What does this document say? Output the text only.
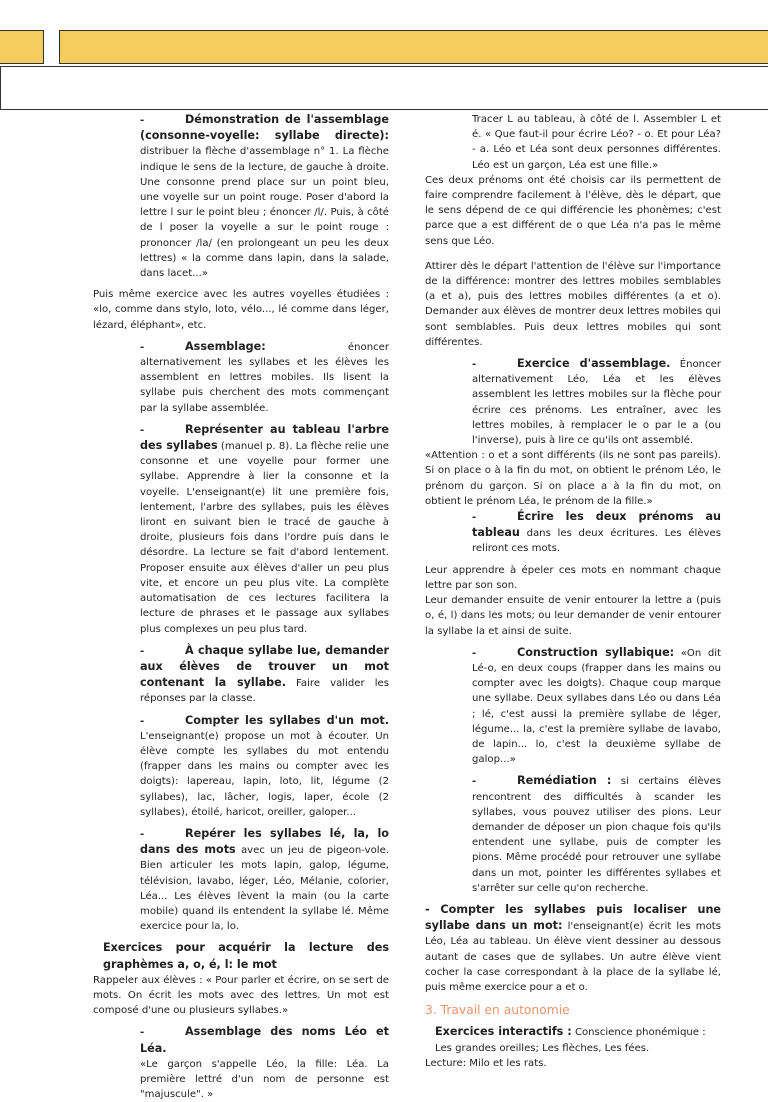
-	Démonstration de l'assemblage (consonne-voyelle: syllabe directe): distribuer la flèche d'assemblage n° 1. La flèche indique le sens de la lecture, de gauche à droite. Une consonne prend place sur un point bleu, une voyelle sur un point rouge. Poser d'abord la lettre l sur le point bleu ; énoncer /l/. Puis, à côté de l poser la voyelle a sur le point rouge : prononcer /la/ (en prolongeant un peu les deux lettres) « la comme dans lapin, dans la salade, dans lacet...»

Puis même exercice avec les autres voyelles étudiées : «lo, comme dans stylo, loto, vélo..., lé comme dans léger, lézard, éléphant», etc.

-	Assemblage:	énoncer alternativement les syllabes et les élèves les assemblent en lettres mobiles. Ils lisent la syllabe puis cherchent des mots commençant par la syllabe assemblée.

-	Représenter au tableau l'arbre des syllabes (manuel p. 8). La flèche relie une consonne et une voyelle pour former une syllabe. Apprendre à lier la consonne et la voyelle. L'enseignant(e) lit une première fois, lentement, l'arbre des syllabes, puis les élèves liront en suivant bien le tracé de gauche à droite, plusieurs fois dans l'ordre puis dans le désordre. La lecture se fait d'abord lentement. Proposer ensuite aux élèves d'aller un peu plus vite, et encore un peu plus vite. La complète automatisation de ces lectures facilitera la lecture de phrases et le passage aux syllabes plus complexes un peu plus tard.

-	À chaque syllabe lue, demander aux élèves de trouver un mot contenant la syllabe. Faire valider les réponses par la classe.

-	Compter les syllabes d'un mot. L'enseignant(e) propose un mot à écouter. Un élève compte les syllabes du mot entendu (frapper dans les mains ou compter avec les doigts): lapereau, lapin, loto, lit, légume (2 syllabes), lac, lâcher, logis, laper, école (2 syllabes), étoilé, haricot, oreiller, galoper...

-	Repérer les syllabes lé, la, lo dans des mots avec un jeu de pigeon-vole. Bien articuler les mots lapin, galop, légume, télévision, lavabo, léger, Léo, Mélanie, colorier, Léa... Les élèves lèvent la main (ou la carte mobile) quand ils entendent la syllabe lé. Même exercice pour la, lo.

Exercices pour acquérir la lecture des graphèmes a, o, é, l: le mot

Rappeler aux élèves : « Pour parler et écrire, on se sert de mots. On écrit les mots avec des lettres. Un mot est composé d'une ou plusieurs syllabes.»

-	Assemblage des noms Léo et Léa.

«Le garçon s'appelle Léo, la fille: Léa. La première lettré d'un nom de personne est "majuscule". »

Tracer L au tableau, à côté de l. Assembler L et é. « Que faut-il pour écrire Léo? - o. Et pour Léa? - a. Léo et Léa sont deux personnes différentes. Léo est un garçon, Léa est une fille.»

Ces deux prénoms ont été choisis car ils permettent de faire comprendre facilement à l'élève, dès le départ, que le sens dépend de ce qui différencie les phonèmes; c'est parce que a est différent de o que Léa n'a pas le même sens que Léo.

Attirer dès le départ l'attention de l'élève sur l'importance de la différence: montrer des lettres mobiles semblables (a et a), puis des lettres mobiles différentes (a et o). Demander aux élèves de montrer deux lettres mobiles qui sont semblables. Puis deux lettres mobiles qui sont différentes.

-	Exercice d'assemblage. Énoncer alternativement Léo, Léa et les élèves assemblent les lettres mobiles sur la flèche pour écrire ces prénoms. Les entraîner, avec les lettres mobiles, à remplacer le o par le a (ou l'inverse), puis à lire ce qu'ils ont assemblé.

«Attention : o et a sont différents (ils ne sont pas pareils). Si on place o à la fin du mot, on obtient le prénom Léo, le prénom du garçon. Si on place a à la fin du mot, on obtient le prénom Léa, le prénom de la fille.»

-	Écrire les deux prénoms au tableau dans les deux écritures. Les élèves reliront ces mots.

Leur apprendre à épeler ces mots en nommant chaque lettre par son son.

Leur demander ensuite de venir entourer la lettre a (puis o, é, l) dans les mots; ou leur demander de venir entourer la syllabe la et ainsi de suite.

-	Construction syllabique: «On dit Lé-o, en deux coups (frapper dans les mains ou compter avec les doigts). Chaque coup marque une syllabe. Deux syllabes dans Léo ou dans Léa ; lé, c'est aussi la première syllabe de léger, légume... la, c'est la première syllabe de lavabo, de lapin... lo, c'est la deuxième syllabe de galop...»

-	Remédiation : si certains élèves rencontrent des difficultés à scander les syllabes, vous pouvez utiliser des pions. Leur demander de déposer un pion chaque fois qu'ils entendent une syllabe, puis de compter les pions. Même procédé pour retrouver une syllabe dans un mot, pointer les différentes syllabes et s'arrêter sur celle qu'on recherche.

- Compter les syllabes puis localiser une syllabe dans un mot: l'enseignant(e) écrit les mots Léo, Léa au tableau. Un élève vient dessiner au dessous autant de cases que de syllabes. Un autre élève vient cocher la case correspondant à la place de la syllabe lé, puis même exercice pour a et o.

3. Travail en autonomie

Exercices interactifs : Conscience phonémique : Les grandes oreilles; Les flèches, Les fées.

Lecture: Milo et les rats.
